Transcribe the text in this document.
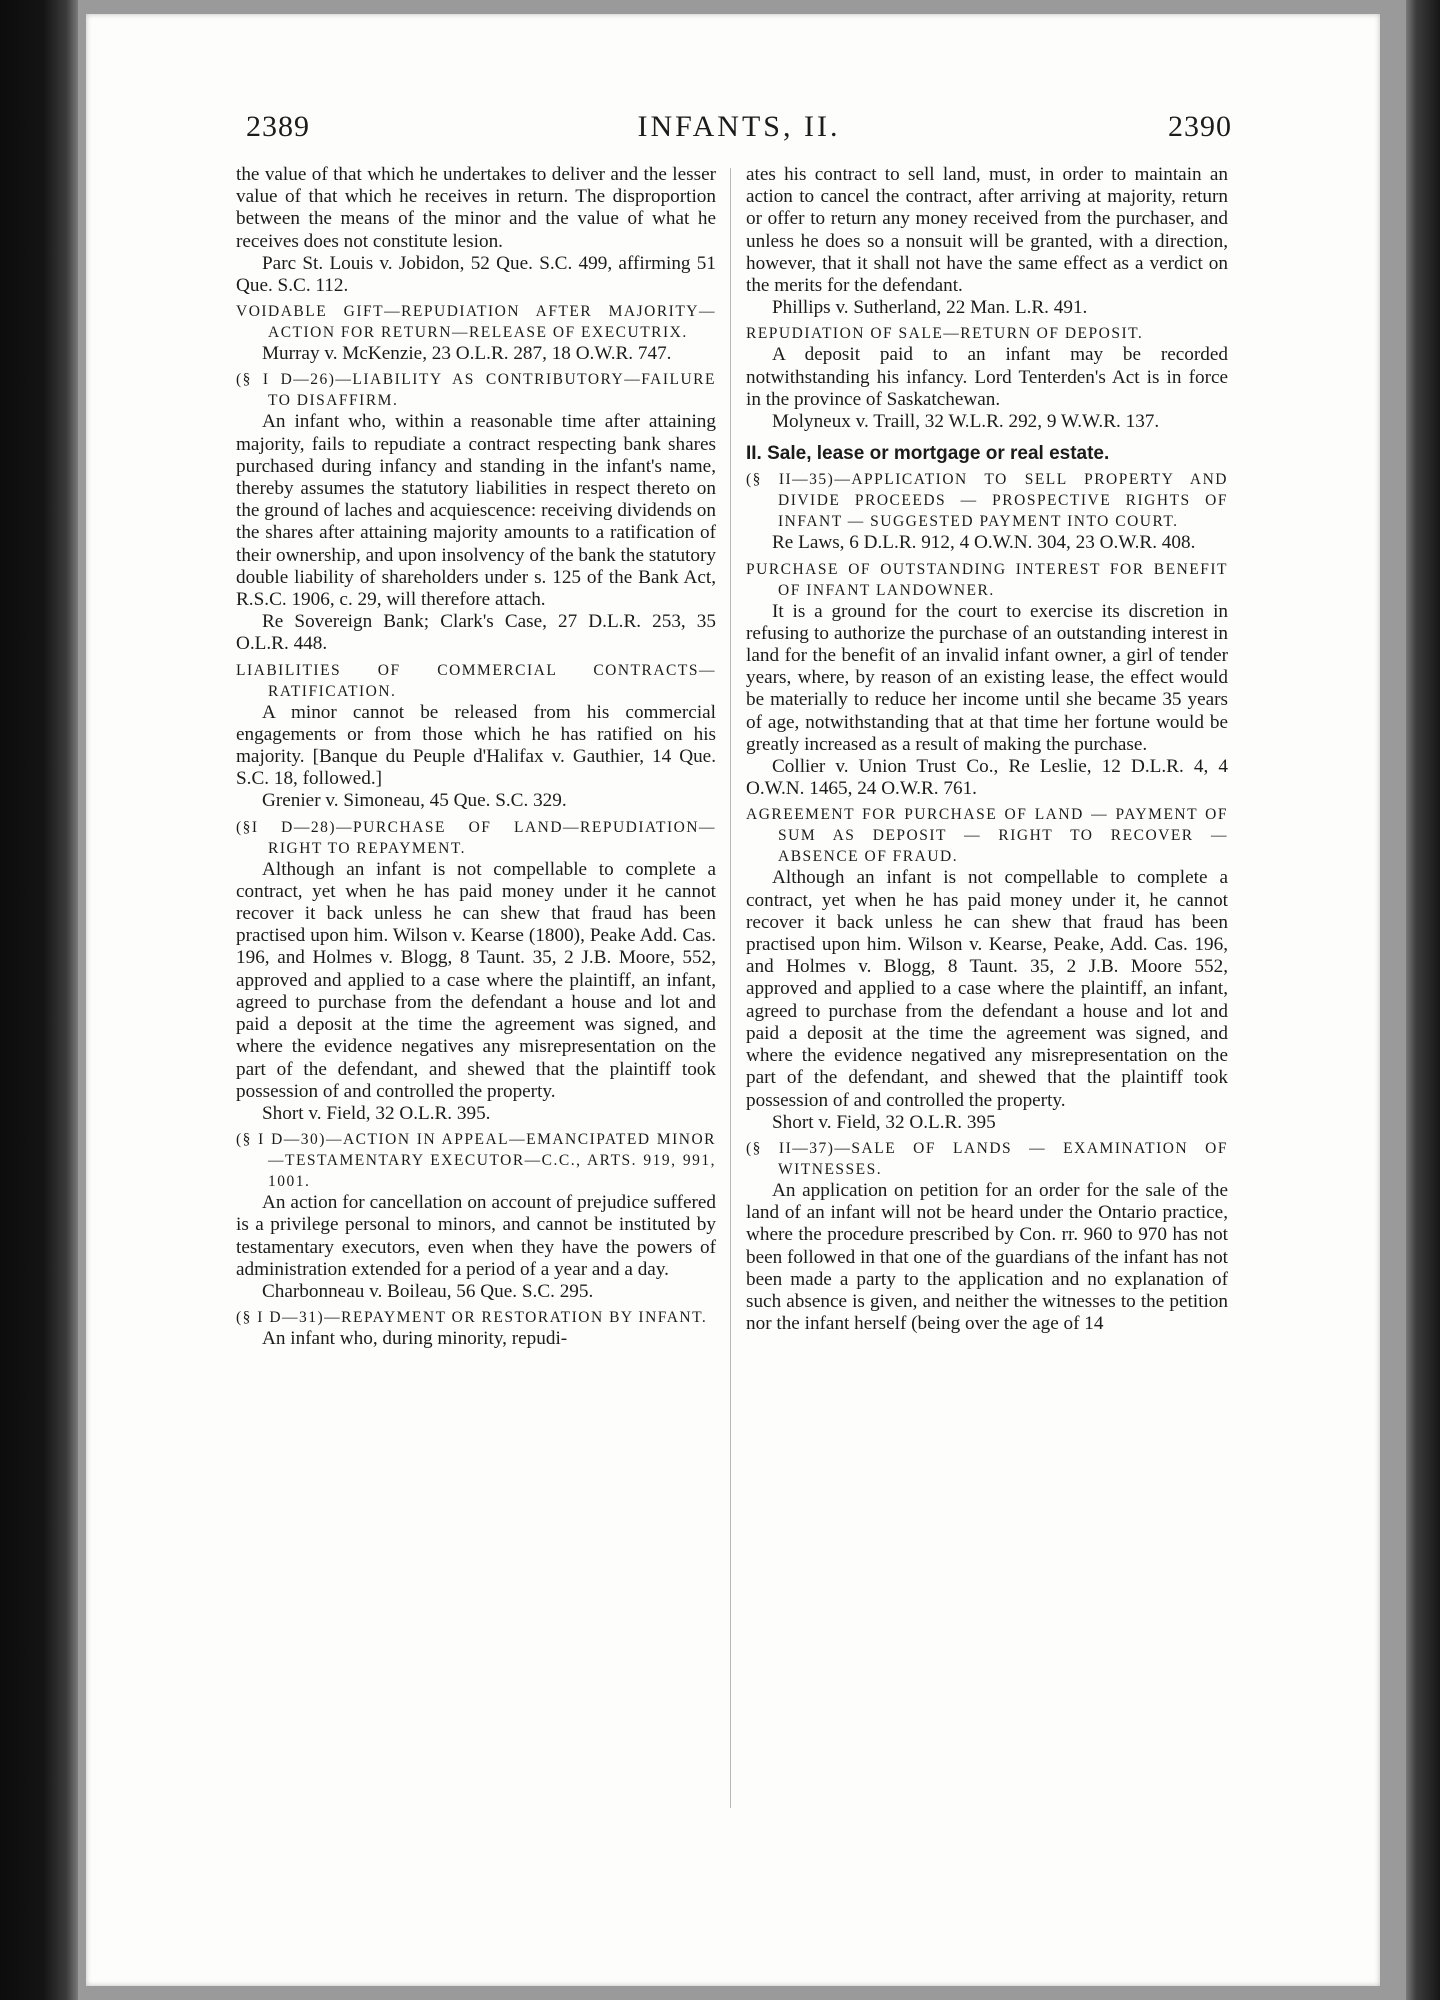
2389	INFANTS, II.	2390
the value of that which he undertakes to deliver and the lesser value of that which he receives in return. The disproportion between the means of the minor and the value of what he receives does not constitute lesion.
Parc St. Louis v. Jobidon, 52 Que. S.C. 499, affirming 51 Que. S.C. 112.
VOIDABLE GIFT—REPUDIATION AFTER MAJORITY—ACTION FOR RETURN—RELEASE OF EXECUTRIX.
Murray v. McKenzie, 23 O.L.R. 287, 18 O.W.R. 747.
(§ I D—26)—LIABILITY AS CONTRIBUTORY—FAILURE TO DISAFFIRM.
An infant who, within a reasonable time after attaining majority, fails to repudiate a contract respecting bank shares purchased during infancy and standing in the infant's name, thereby assumes the statutory liabilities in respect thereto on the ground of laches and acquiescence: receiving dividends on the shares after attaining majority amounts to a ratification of their ownership, and upon insolvency of the bank the statutory double liability of shareholders under s. 125 of the Bank Act, R.S.C. 1906, c. 29, will therefore attach.
Re Sovereign Bank; Clark's Case, 27 D.L.R. 253, 35 O.L.R. 448.
LIABILITIES OF COMMERCIAL CONTRACTS—RATIFICATION.
A minor cannot be released from his commercial engagements or from those which he has ratified on his majority. [Banque du Peuple d'Halifax v. Gauthier, 14 Que. S.C. 18, followed.]
Grenier v. Simoneau, 45 Que. S.C. 329.
(§I D—28)—PURCHASE OF LAND—REPUDIATION—RIGHT TO REPAYMENT.
Although an infant is not compellable to complete a contract, yet when he has paid money under it he cannot recover it back unless he can shew that fraud has been practised upon him. Wilson v. Kearse (1800), Peake Add. Cas. 196, and Holmes v. Blogg, 8 Taunt. 35, 2 J.B. Moore, 552, approved and applied to a case where the plaintiff, an infant, agreed to purchase from the defendant a house and lot and paid a deposit at the time the agreement was signed, and where the evidence negatives any misrepresentation on the part of the defendant, and shewed that the plaintiff took possession of and controlled the property.
Short v. Field, 32 O.L.R. 395.
(§ I D—30)—ACTION IN APPEAL—EMANCIPATED MINOR—TESTAMENTARY EXECUTOR—C.C., ARTS. 919, 991, 1001.
An action for cancellation on account of prejudice suffered is a privilege personal to minors, and cannot be instituted by testamentary executors, even when they have the powers of administration extended for a period of a year and a day.
Charbonneau v. Boileau, 56 Que. S.C. 295.
(§ I D—31)—REPAYMENT OR RESTORATION BY INFANT.
An infant who, during minority, repudi-
ates his contract to sell land, must, in order to maintain an action to cancel the contract, after arriving at majority, return or offer to return any money received from the purchaser, and unless he does so a nonsuit will be granted, with a direction, however, that it shall not have the same effect as a verdict on the merits for the defendant.
Phillips v. Sutherland, 22 Man. L.R. 491.
REPUDIATION OF SALE—RETURN OF DEPOSIT.
A deposit paid to an infant may be recorded notwithstanding his infancy. Lord Tenterden's Act is in force in the province of Saskatchewan.
Molyneux v. Traill, 32 W.L.R. 292, 9 W.W.R. 137.
II. Sale, lease or mortgage or real estate.
(§ II—35)—APPLICATION TO SELL PROPERTY AND DIVIDE PROCEEDS — PROSPECTIVE RIGHTS OF INFANT — SUGGESTED PAYMENT INTO COURT.
Re Laws, 6 D.L.R. 912, 4 O.W.N. 304, 23 O.W.R. 408.
PURCHASE OF OUTSTANDING INTEREST FOR BENEFIT OF INFANT LANDOWNER.
It is a ground for the court to exercise its discretion in refusing to authorize the purchase of an outstanding interest in land for the benefit of an invalid infant owner, a girl of tender years, where, by reason of an existing lease, the effect would be materially to reduce her income until she became 35 years of age, notwithstanding that at that time her fortune would be greatly increased as a result of making the purchase.
Collier v. Union Trust Co., Re Leslie, 12 D.L.R. 4, 4 O.W.N. 1465, 24 O.W.R. 761.
AGREEMENT FOR PURCHASE OF LAND — PAYMENT OF SUM AS DEPOSIT — RIGHT TO RECOVER — ABSENCE OF FRAUD.
Although an infant is not compellable to complete a contract, yet when he has paid money under it, he cannot recover it back unless he can shew that fraud has been practised upon him. Wilson v. Kearse, Peake, Add. Cas. 196, and Holmes v. Blogg, 8 Taunt. 35, 2 J.B. Moore 552, approved and applied to a case where the plaintiff, an infant, agreed to purchase from the defendant a house and lot and paid a deposit at the time the agreement was signed, and where the evidence negatived any misrepresentation on the part of the defendant, and shewed that the plaintiff took possession of and controlled the property.
Short v. Field, 32 O.L.R. 395
(§ II—37)—SALE OF LANDS — EXAMINATION OF WITNESSES.
An application on petition for an order for the sale of the land of an infant will not be heard under the Ontario practice, where the procedure prescribed by Con. rr. 960 to 970 has not been followed in that one of the guardians of the infant has not been made a party to the application and no explanation of such absence is given, and neither the witnesses to the petition nor the infant herself (being over the age of 14
